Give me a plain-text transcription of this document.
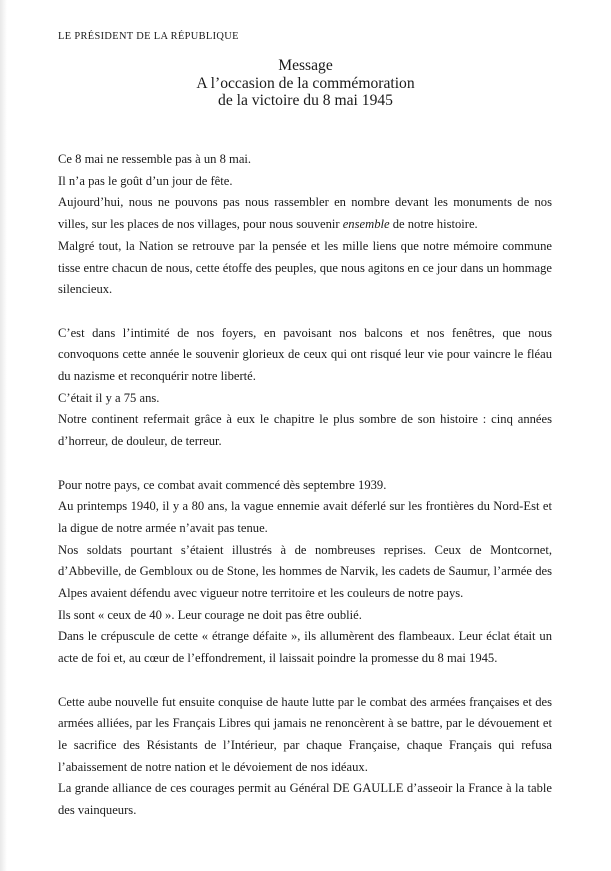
LE PRÉSIDENT DE LA RÉPUBLIQUE
Message
A l’occasion de la commémoration
de la victoire du 8 mai 1945

Ce 8 mai ne ressemble pas à un 8 mai.

Il n’a pas le goût d’un jour de fête.

Aujourd’hui, nous ne pouvons pas nous rassembler en nombre devant les monuments de nos villes, sur les places de nos villages, pour nous souvenir ensemble de notre histoire.

Malgré tout, la Nation se retrouve par la pensée et les mille liens que notre mémoire commune tisse entre chacun de nous, cette étoffe des peuples, que nous agitons en ce jour dans un hommage silencieux.

C’est dans l’intimité de nos foyers, en pavoisant nos balcons et nos fenêtres, que nous convoquons cette année le souvenir glorieux de ceux qui ont risqué leur vie pour vaincre le fléau du nazisme et reconquérir notre liberté.

C’était il y a 75 ans.

Notre continent refermait grâce à eux le chapitre le plus sombre de son histoire : cinq années d’horreur, de douleur, de terreur.

Pour notre pays, ce combat avait commencé dès septembre 1939.

Au printemps 1940, il y a 80 ans, la vague ennemie avait déferlé sur les frontières du Nord-Est et la digue de notre armée n’avait pas tenue.

Nos soldats pourtant s’étaient illustrés à de nombreuses reprises. Ceux de Montcornet, d’Abbeville, de Gembloux ou de Stone, les hommes de Narvik, les cadets de Saumur, l’armée des Alpes avaient défendu avec vigueur notre territoire et les couleurs de notre pays.

Ils sont « ceux de 40 ». Leur courage ne doit pas être oublié.

Dans le crépuscule de cette « étrange défaite », ils allumèrent des flambeaux. Leur éclat était un acte de foi et, au cœur de l’effondrement, il laissait poindre la promesse du 8 mai 1945.

Cette aube nouvelle fut ensuite conquise de haute lutte par le combat des armées françaises et des armées alliées, par les Français Libres qui jamais ne renoncèrent à se battre, par le dévouement et le sacrifice des Résistants de l’Intérieur, par chaque Française, chaque Français qui refusa l’abaissement de notre nation et le dévoiement de nos idéaux.

La grande alliance de ces courages permit au Général DE GAULLE d’asseoir la France à la table des vainqueurs.
